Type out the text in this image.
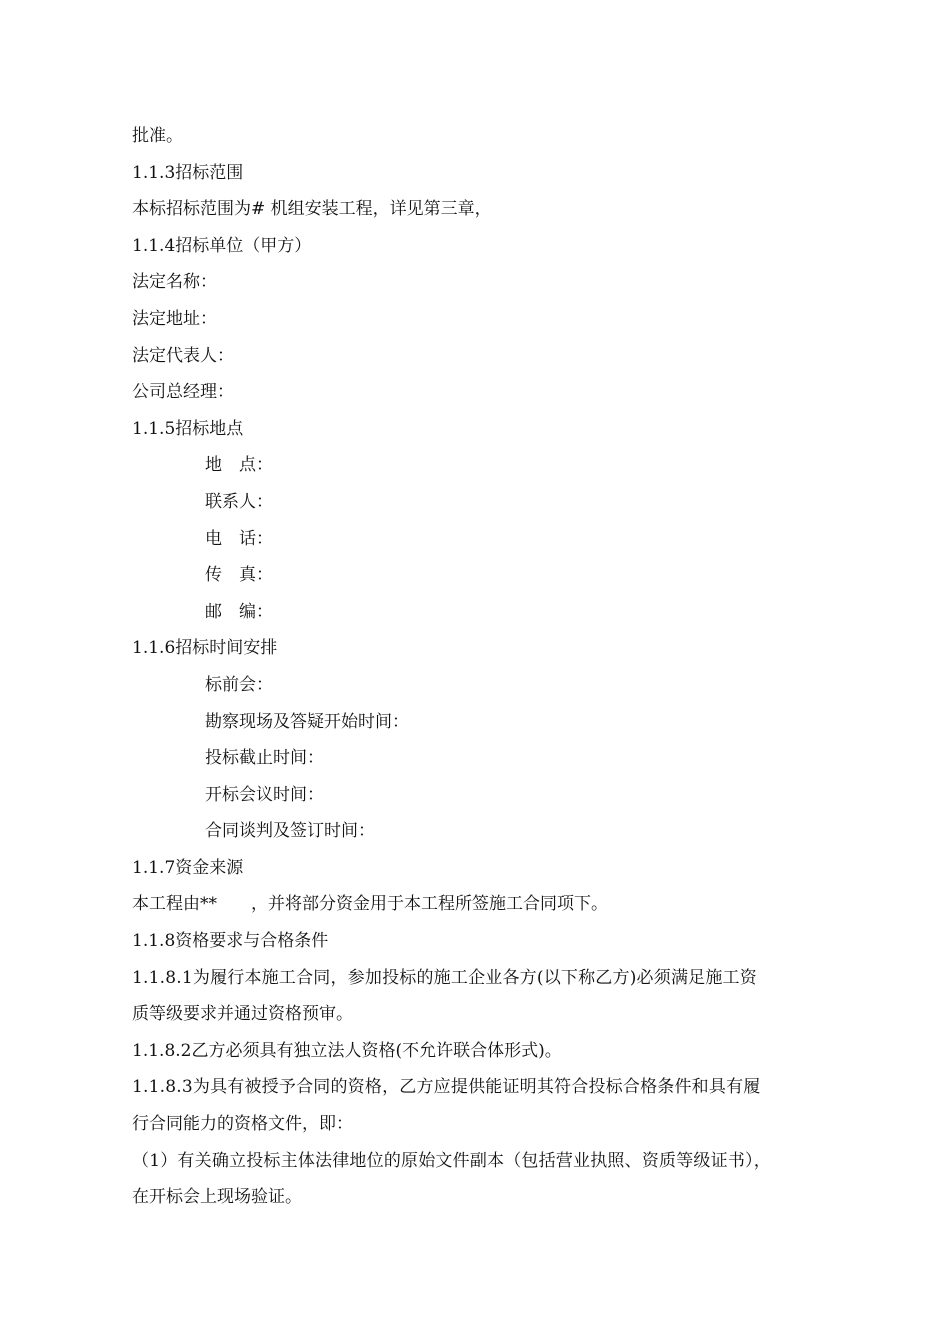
批准。
1.1.3招标范围
本标招标范围为# 机组安装工程，详见第三章，
1.1.4招标单位（甲方）
法定名称：
法定地址：
法定代表人：
公司总经理：
1.1.5招标地点
地　点：
联系人：
电　话：
传　真：
邮　编：
1.1.6招标时间安排
标前会：
勘察现场及答疑开始时间：
投标截止时间：
开标会议时间：
合同谈判及签订时间：
1.1.7资金来源
本工程由**　　，并将部分资金用于本工程所签施工合同项下。
1.1.8资格要求与合格条件
1.1.8.1为履行本施工合同，参加投标的施工企业各方(以下称乙方)必须满足施工资
质等级要求并通过资格预审。
1.1.8.2乙方必须具有独立法人资格(不允许联合体形式)。
1.1.8.3为具有被授予合同的资格，乙方应提供能证明其符合投标合格条件和具有履
行合同能力的资格文件，即：
（1）有关确立投标主体法律地位的原始文件副本（包括营业执照、资质等级证书），
在开标会上现场验证。
